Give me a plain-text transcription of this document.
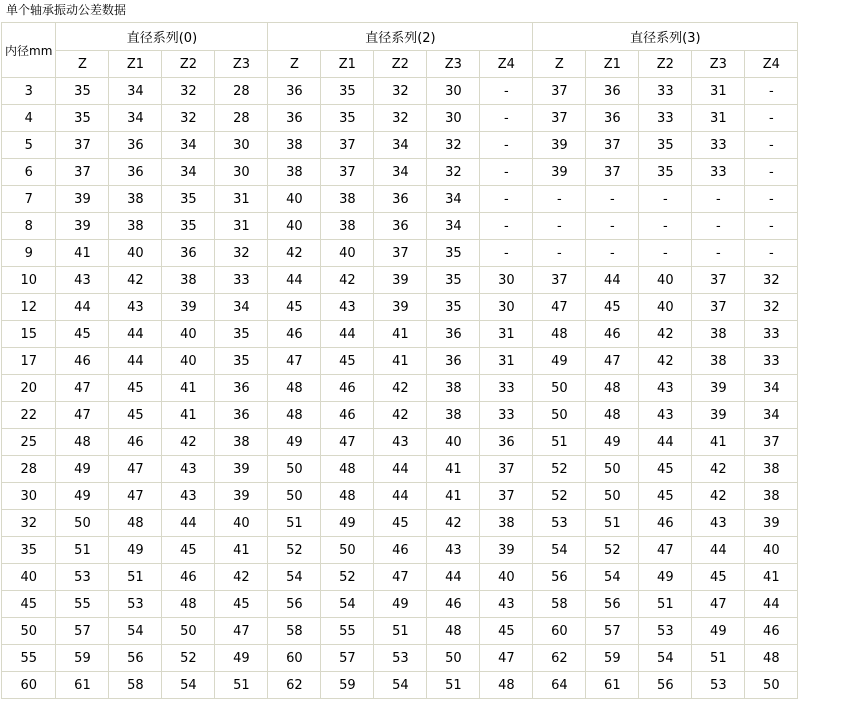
单个轴承振动公差数据
内径mm	直径系列(0)				直径系列(2)					直径系列(3)				
	Z	Z1	Z2	Z3	Z	Z1	Z2	Z3	Z4	Z	Z1	Z2	Z3	Z4
3	35	34	32	28	36	35	32	30	-	37	36	33	31	-
4	35	34	32	28	36	35	32	30	-	37	36	33	31	-
5	37	36	34	30	38	37	34	32	-	39	37	35	33	-
6	37	36	34	30	38	37	34	32	-	39	37	35	33	-
7	39	38	35	31	40	38	36	34	-	-	-	-	-	-
8	39	38	35	31	40	38	36	34	-	-	-	-	-	-
9	41	40	36	32	42	40	37	35	-	-	-	-	-	-
10	43	42	38	33	44	42	39	35	30	37	44	40	37	32
12	44	43	39	34	45	43	39	35	30	47	45	40	37	32
15	45	44	40	35	46	44	41	36	31	48	46	42	38	33
17	46	44	40	35	47	45	41	36	31	49	47	42	38	33
20	47	45	41	36	48	46	42	38	33	50	48	43	39	34
22	47	45	41	36	48	46	42	38	33	50	48	43	39	34
25	48	46	42	38	49	47	43	40	36	51	49	44	41	37
28	49	47	43	39	50	48	44	41	37	52	50	45	42	38
30	49	47	43	39	50	48	44	41	37	52	50	45	42	38
32	50	48	44	40	51	49	45	42	38	53	51	46	43	39
35	51	49	45	41	52	50	46	43	39	54	52	47	44	40
40	53	51	46	42	54	52	47	44	40	56	54	49	45	41
45	55	53	48	45	56	54	49	46	43	58	56	51	47	44
50	57	54	50	47	58	55	51	48	45	60	57	53	49	46
55	59	56	52	49	60	57	53	50	47	62	59	54	51	48
60	61	58	54	51	62	59	54	51	48	64	61	56	53	50
